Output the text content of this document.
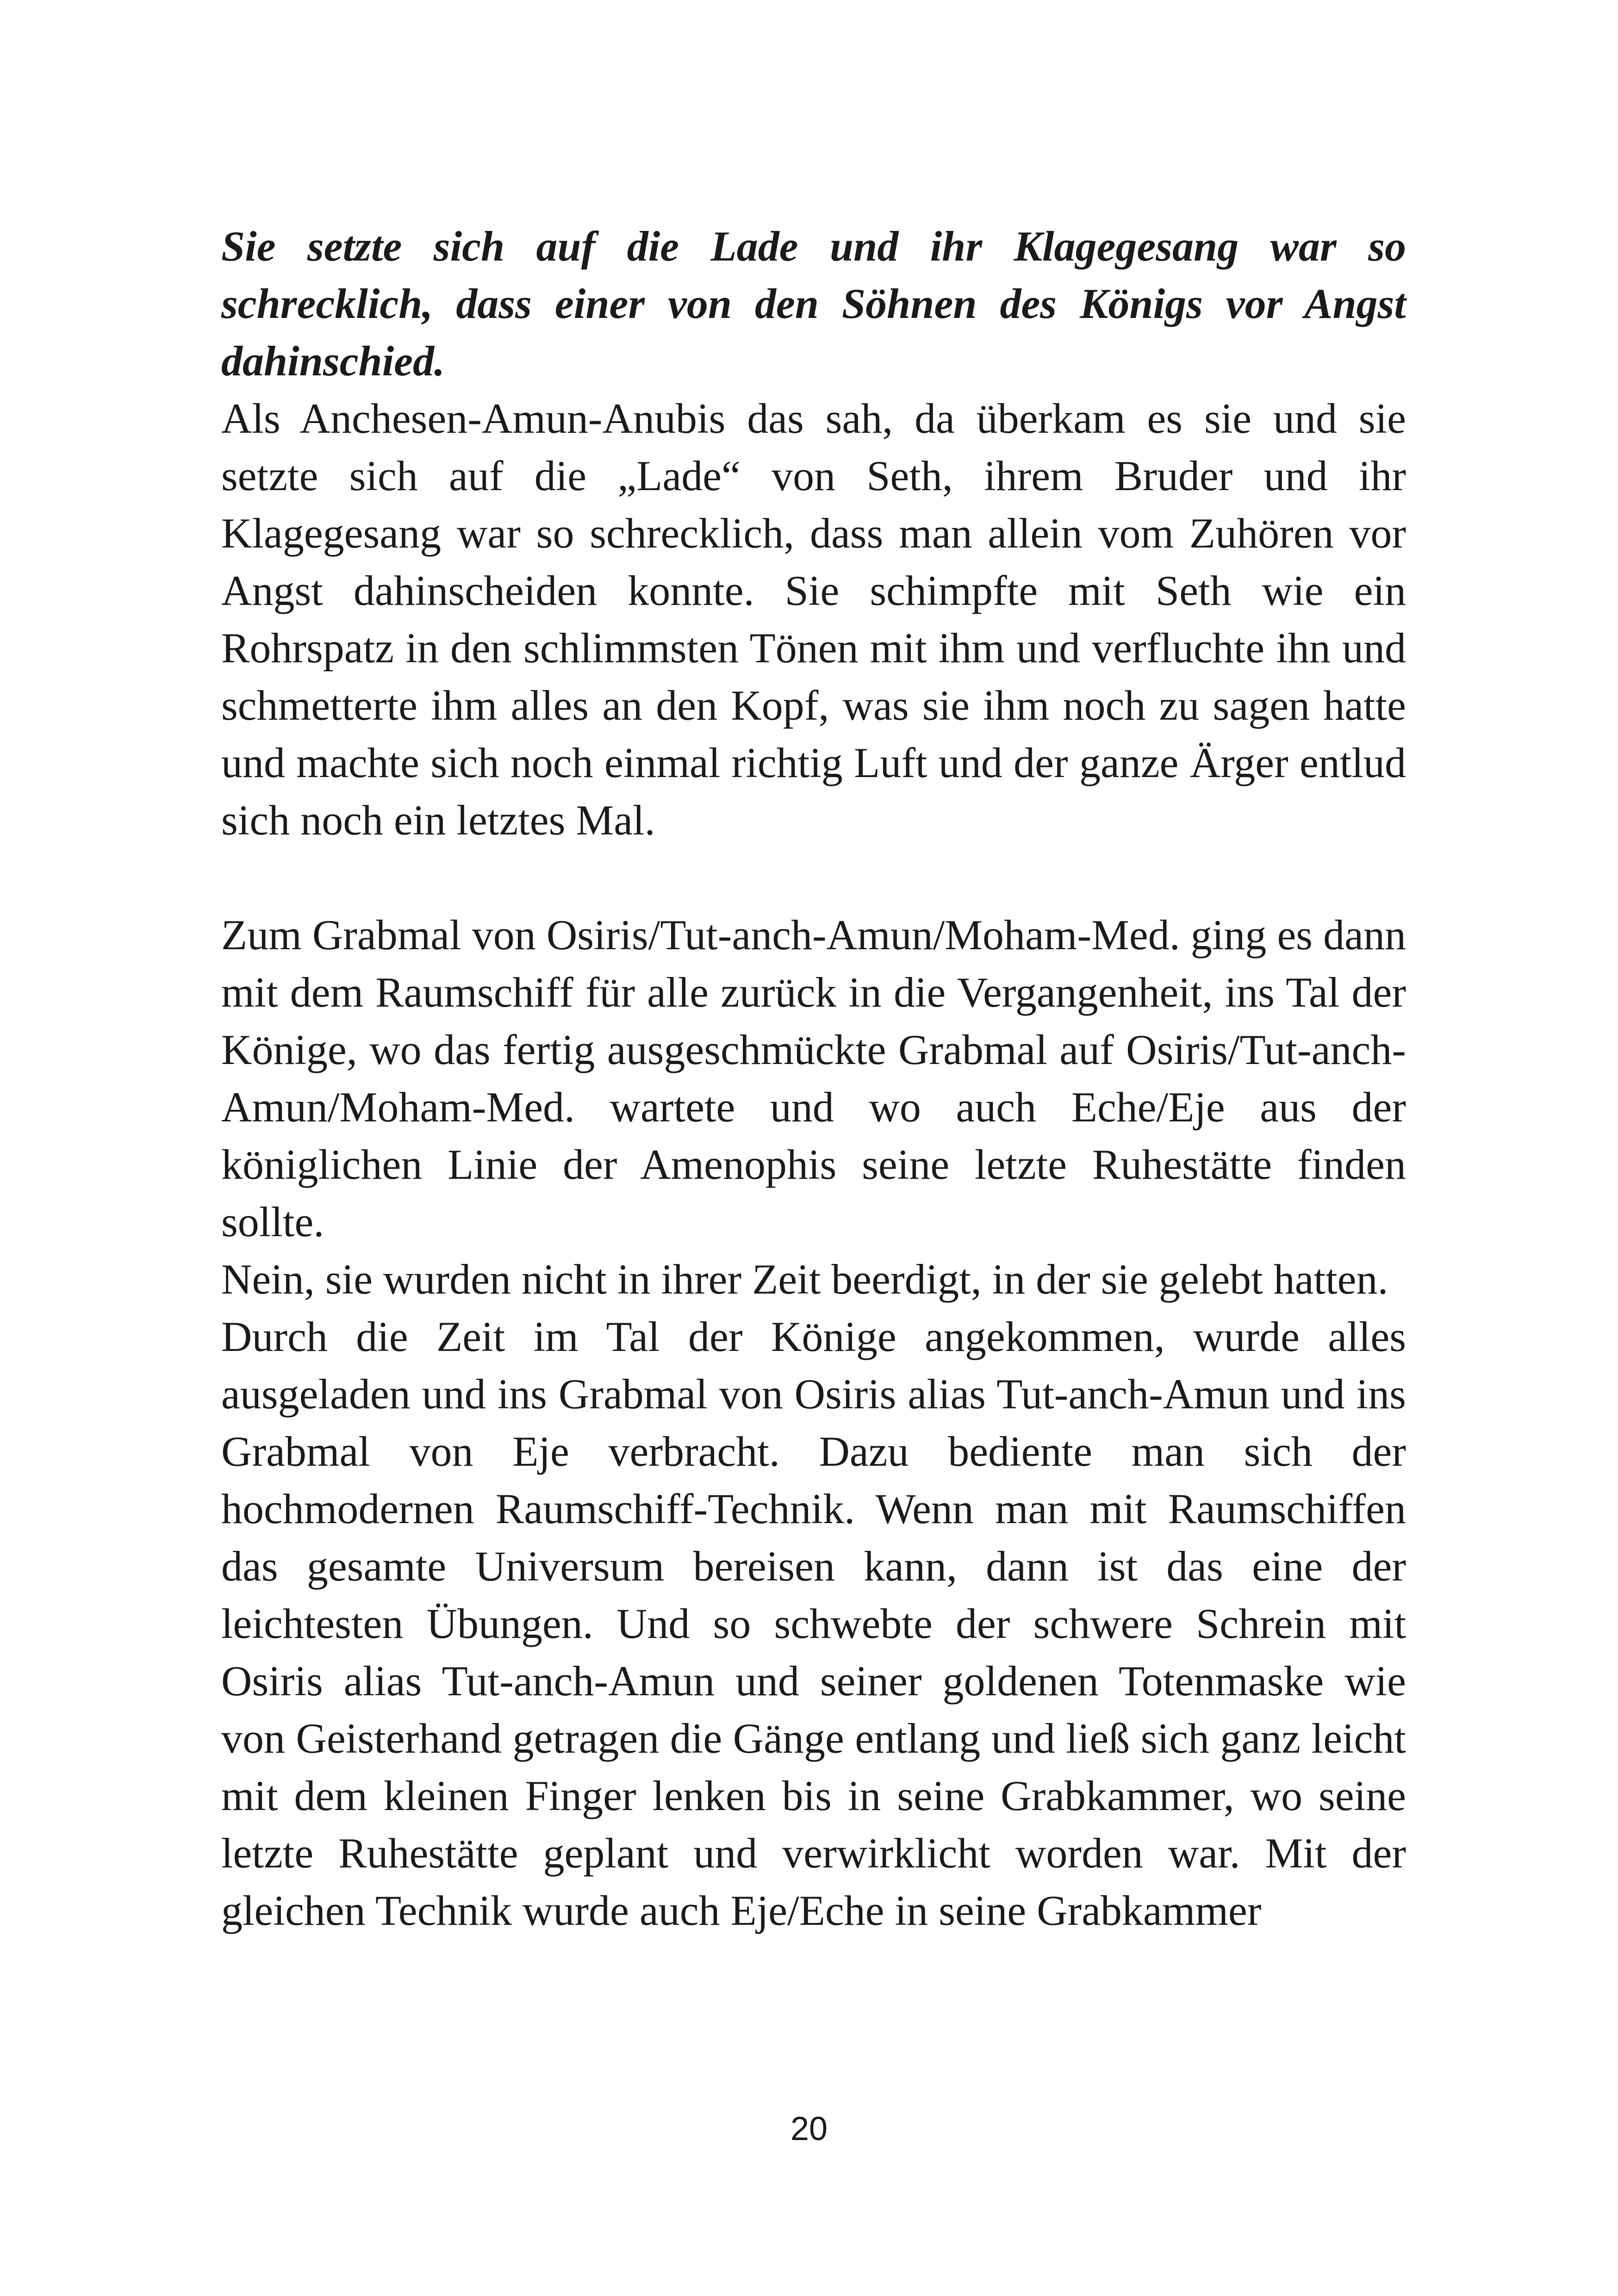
Sie setzte sich auf die Lade und ihr Klagegesang war so schrecklich, dass einer von den Söhnen des Königs vor Angst dahinschied.

Als Anchesen-Amun-Anubis das sah, da überkam es sie und sie setzte sich auf die „Lade“ von Seth, ihrem Bruder und ihr Klagegesang war so schrecklich, dass man allein vom Zuhören vor Angst dahinscheiden konnte. Sie schimpfte mit Seth wie ein Rohrspatz in den schlimmsten Tönen mit ihm und verfluchte ihn und schmetterte ihm alles an den Kopf, was sie ihm noch zu sagen hatte und machte sich noch einmal richtig Luft und der ganze Ärger entlud sich noch ein letztes Mal.

Zum Grabmal von Osiris/Tut-anch-Amun/Moham-Med. ging es dann mit dem Raumschiff für alle zurück in die Vergangenheit, ins Tal der Könige, wo das fertig ausgeschmückte Grabmal auf Osiris/Tut-anch-Amun/Moham-Med. wartete und wo auch Eche/Eje aus der königlichen Linie der Amenophis seine letzte Ruhestätte finden sollte.

Nein, sie wurden nicht in ihrer Zeit beerdigt, in der sie gelebt hatten.

Durch die Zeit im Tal der Könige angekommen, wurde alles ausgeladen und ins Grabmal von Osiris alias Tut-anch-Amun und ins Grabmal von Eje verbracht. Dazu bediente man sich der hochmodernen Raumschiff-Technik. Wenn man mit Raumschiffen das gesamte Universum bereisen kann, dann ist das eine der leichtesten Übungen. Und so schwebte der schwere Schrein mit Osiris alias Tut-anch-Amun und seiner goldenen Totenmaske wie von Geisterhand getragen die Gänge entlang und ließ sich ganz leicht mit dem kleinen Finger lenken bis in seine Grabkammer, wo seine letzte Ruhestätte geplant und verwirklicht worden war. Mit der gleichen Technik wurde auch Eje/Eche in seine Grabkammer

20
